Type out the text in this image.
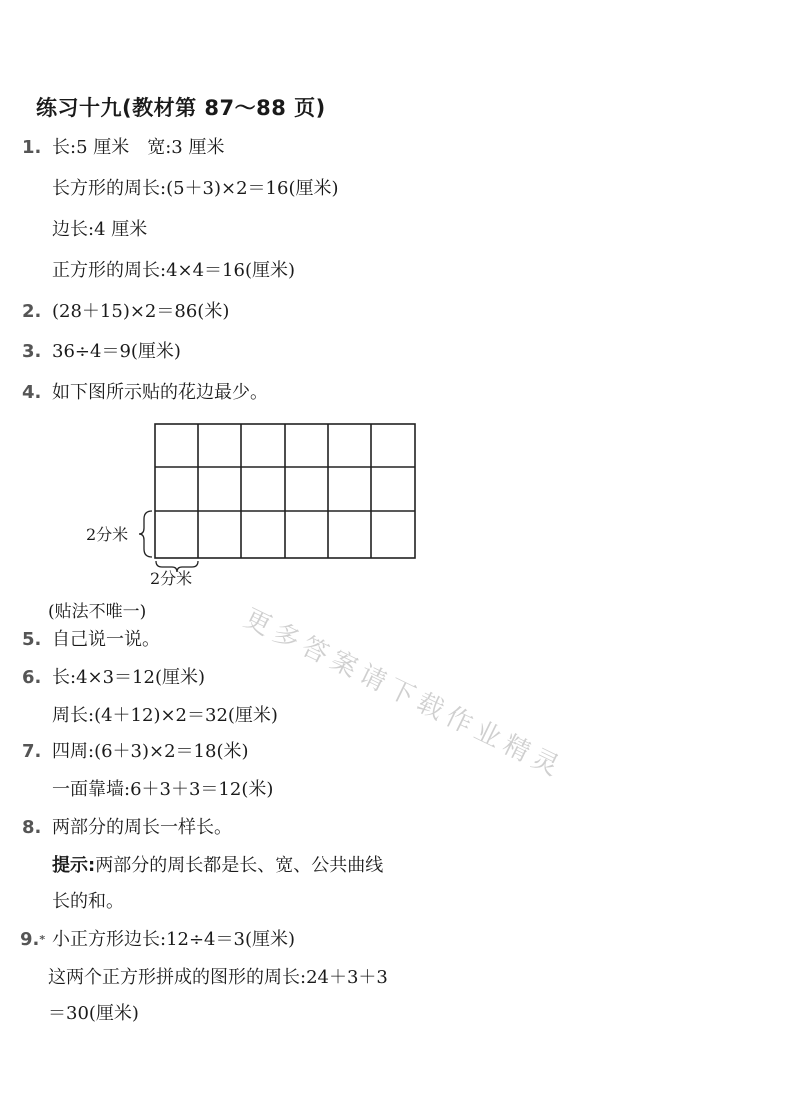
练习十九(教材第 87～88 页)
1. 长:5 厘米　宽:3 厘米
长方形的周长:(5＋3)×2＝16(厘米)
边长:4 厘米
正方形的周长:4×4＝16(厘米)
2. (28＋15)×2＝86(米)
3. 36÷4＝9(厘米)
4. 如下图所示贴的花边最少。
2分米
2分米
(贴法不唯一)
5. 自己说一说。
6. 长:4×3＝12(厘米)
周长:(4＋12)×2＝32(厘米)
7. 四周:(6＋3)×2＝18(米)
一面靠墙:6＋3＋3＝12(米)
8. 两部分的周长一样长。
提示:两部分的周长都是长、宽、公共曲线
长的和。
9.* 小正方形边长:12÷4＝3(厘米)
这两个正方形拼成的图形的周长:24＋3＋3
＝30(厘米)
更多答案请下载作业精灵
